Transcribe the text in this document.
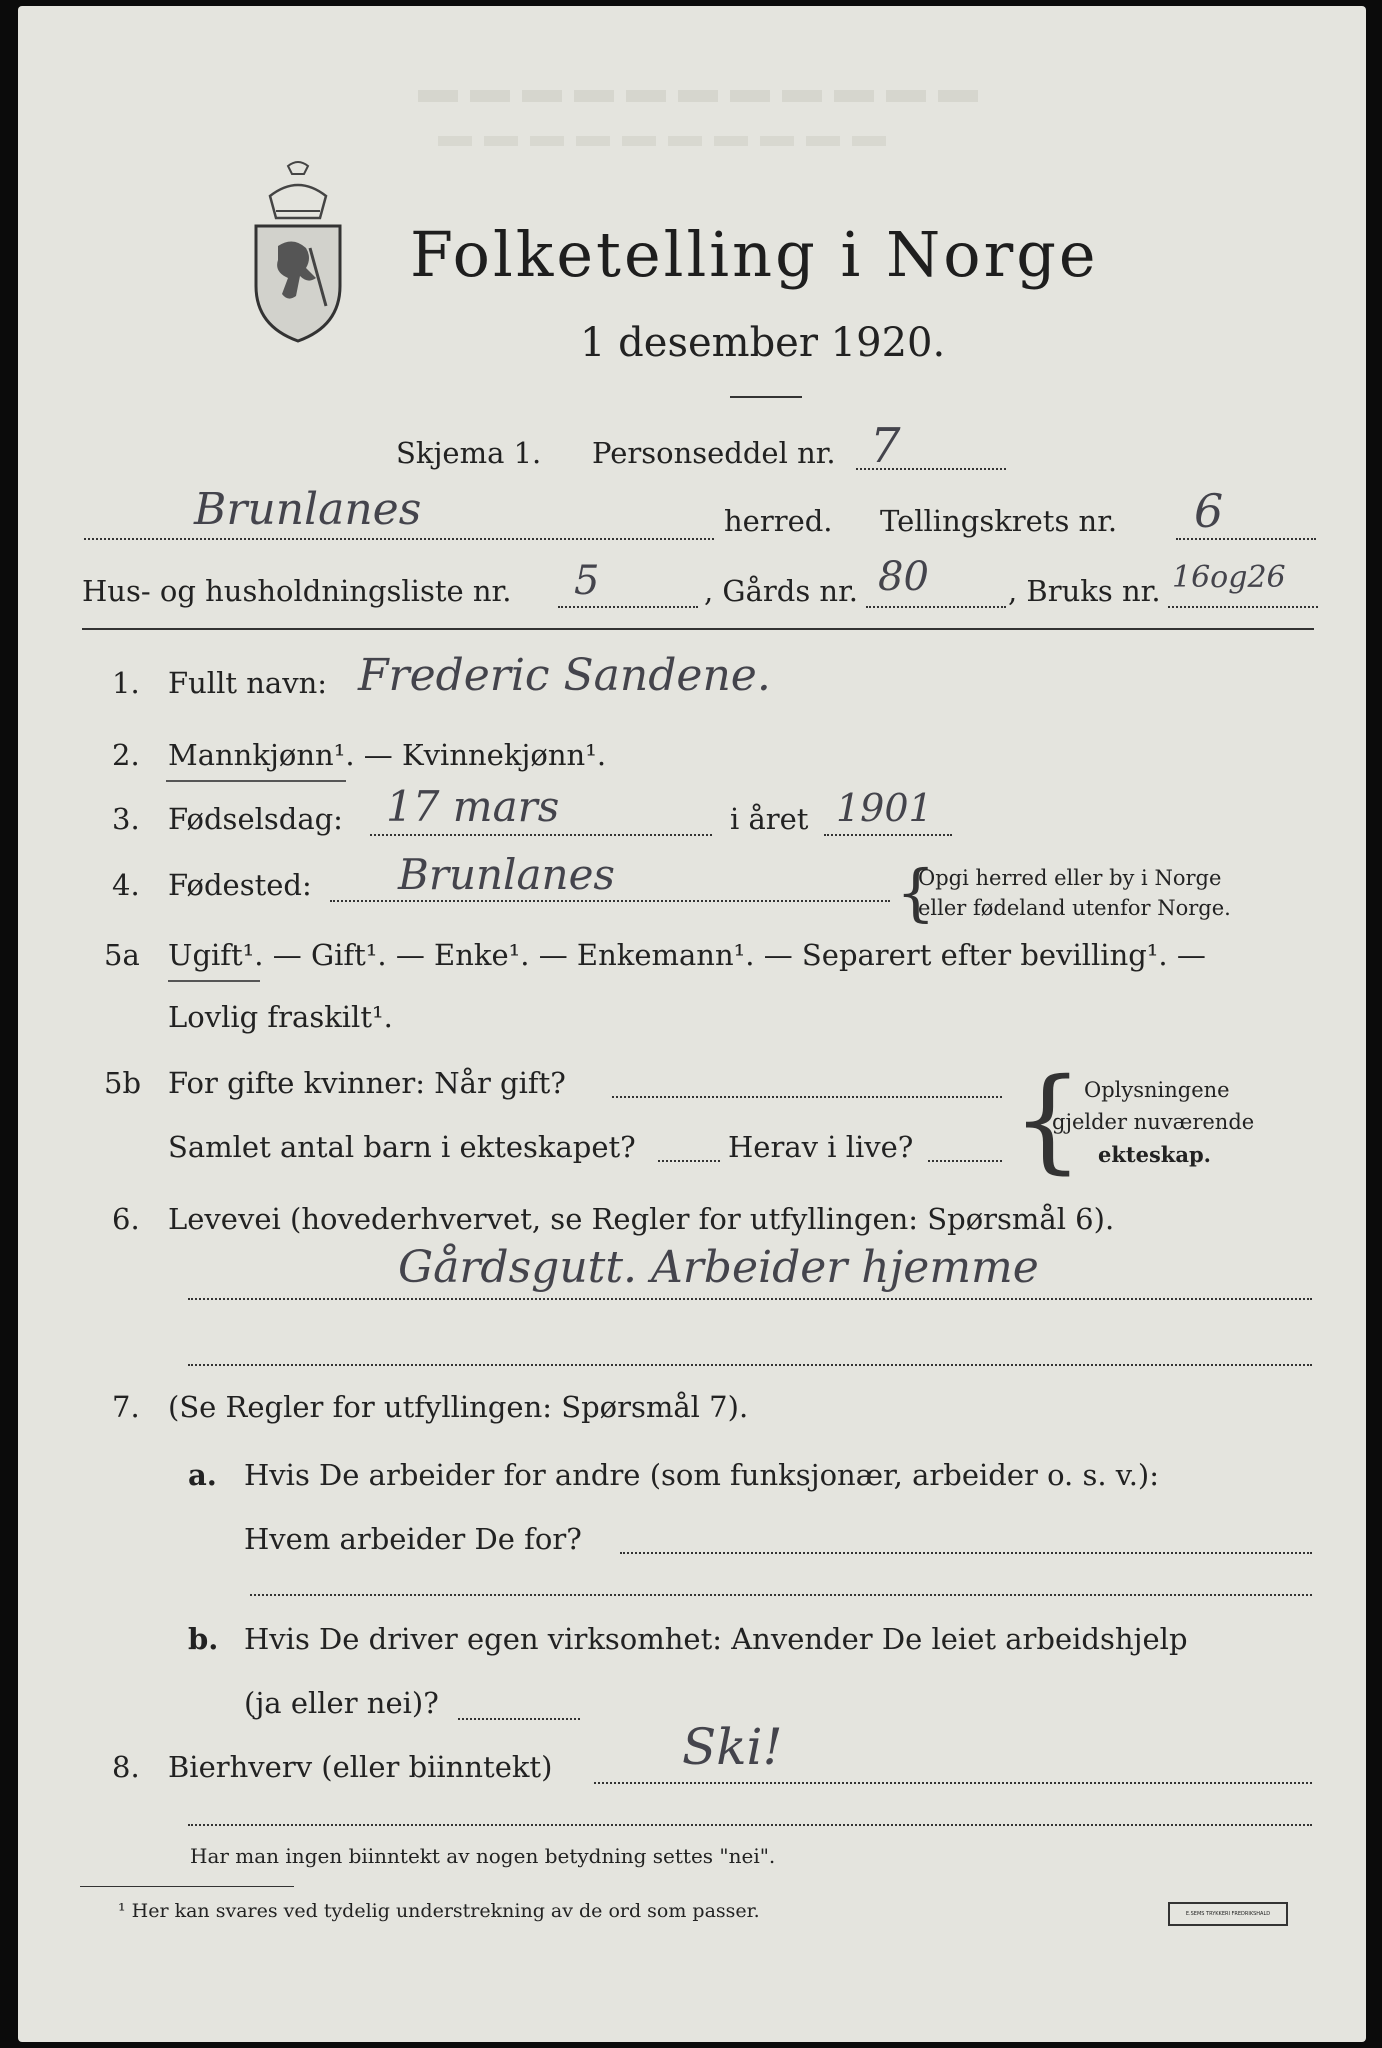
Folketelling i Norge
1 desember 1920.
Skjema 1. Personseddel nr. 7
Brunlanes	herred. Tellingskrets nr. 6
Hus- og husholdningsliste nr. 5	, Gårds nr. 80	, Bruks nr. 16og26
1. Fullt navn: Frederic Sandene.
2. Mannkjønn¹. — Kvinnekjønn¹.
3. Fødselsdag: 17 mars	i året 1901
4. Fødested: Brunlanes	{
Opgi herred eller by i Norge
eller fødeland utenfor Norge.
5a Ugift¹. — Gift¹. — Enke¹. — Enkemann¹. — Separert efter bevilling¹. —
Lovlig fraskilt¹.
5b For gifte kvinner: Når gift?
Samlet antal barn i ekteskapet?	Herav i live? { Oplysningene
gjelder nuværende
ekteskap.
6. Levevei (hovederhvervet, se Regler for utfyllingen: Spørsmål 6).
Gårdsgutt. Arbeider hjemme
7. (Se Regler for utfyllingen: Spørsmål 7).
a. Hvis De arbeider for andre (som funksjonær, arbeider o. s. v.):
Hvem arbeider De for?
b. Hvis De driver egen virksomhet: Anvender De leiet arbeidshjelp
(ja eller nei)?
8. Bierhverv (eller biinntekt)	Ski!
Har man ingen biinntekt av nogen betydning settes "nei".
¹ Her kan svares ved tydelig understrekning av de ord som passer.	E.SEMS TRYKKERI FREDRIKSHALD
